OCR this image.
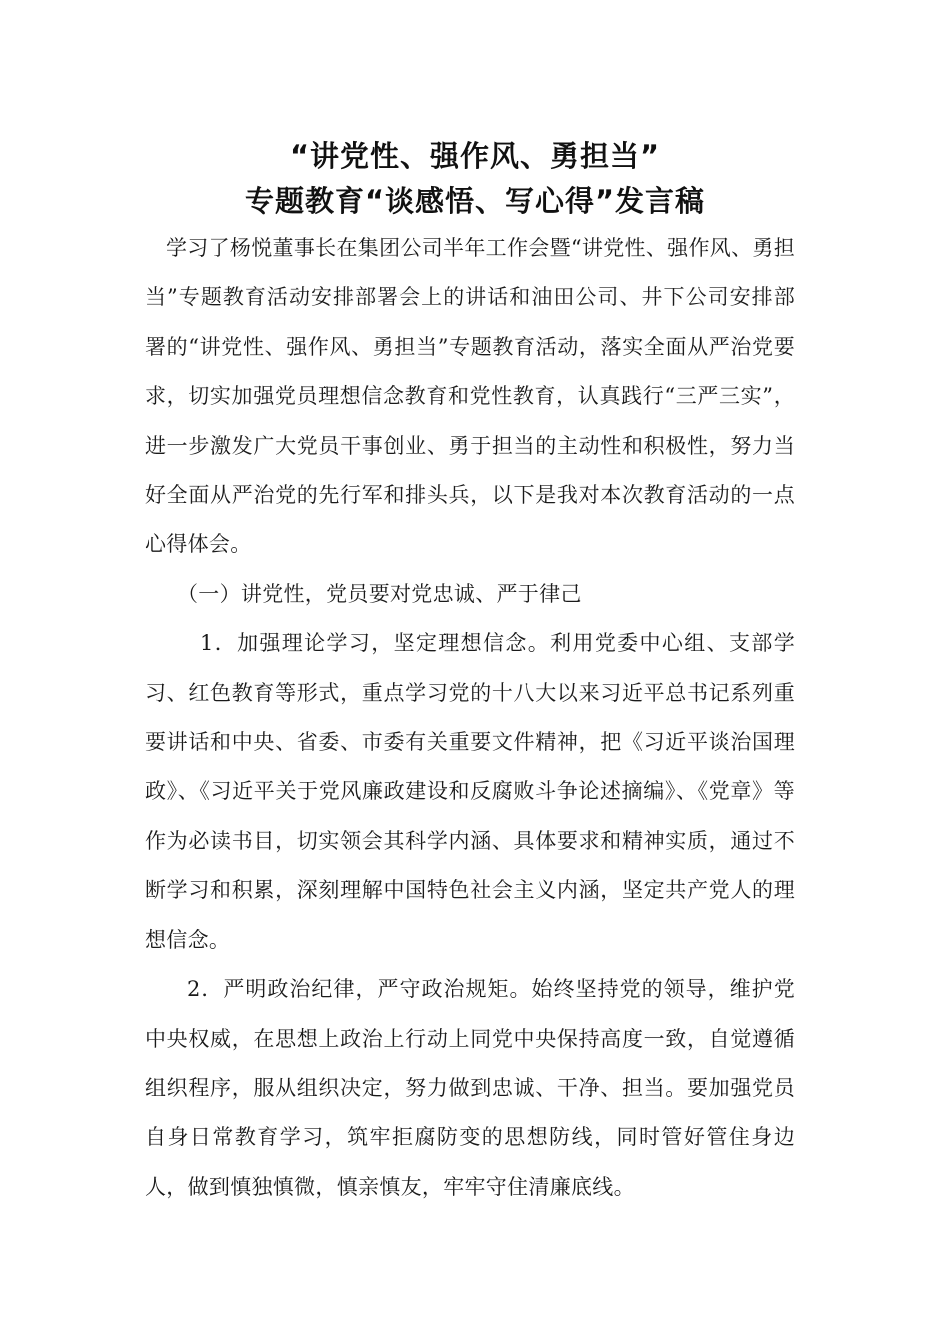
“讲党性、强作风、勇担当”
专题教育“谈感悟、写心得”发言稿

学习了杨悦董事长在集团公司半年工作会暨“讲党性、强作风、勇担当”专题教育活动安排部署会上的讲话和油田公司、井下公司安排部署的“讲党性、强作风、勇担当”专题教育活动，落实全面从严治党要求，切实加强党员理想信念教育和党性教育，认真践行“三严三实”，进一步激发广大党员干事创业、勇于担当的主动性和积极性，努力当好全面从严治党的先行军和排头兵，以下是我对本次教育活动的一点心得体会。

（一）讲党性，党员要对党忠诚、严于律己

1．加强理论学习，坚定理想信念。利用党委中心组、支部学习、红色教育等形式，重点学习党的十八大以来习近平总书记系列重要讲话和中央、省委、市委有关重要文件精神，把《习近平谈治国理政》、《习近平关于党风廉政建设和反腐败斗争论述摘编》、《党章》等作为必读书目，切实领会其科学内涵、具体要求和精神实质，通过不断学习和积累，深刻理解中国特色社会主义内涵，坚定共产党人的理想信念。

2．严明政治纪律，严守政治规矩。始终坚持党的领导，维护党中央权威，在思想上政治上行动上同党中央保持高度一致，自觉遵循组织程序，服从组织决定，努力做到忠诚、干净、担当。要加强党员自身日常教育学习，筑牢拒腐防变的思想防线，同时管好管住身边人，做到慎独慎微，慎亲慎友，牢牢守住清廉底线。
